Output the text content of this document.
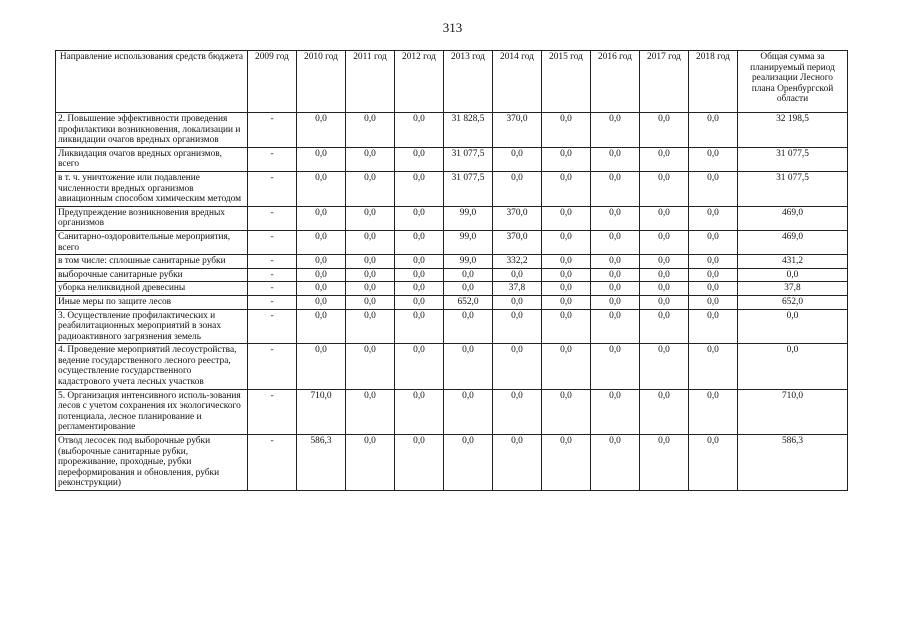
313
Направление использования средств бюджета	2009 год	2010 год	2011 год	2012 год	2013 год	2014 год	2015 год	2016 год	2017 год	2018 год	Общая сумма за планируемый период реализации Лесного плана Оренбургской области
2. Повышение эффективности проведения профилактики возникновения, локализации и ликвидации очагов вредных организмов	-	0,0	0,0	0,0	31 828,5	370,0	0,0	0,0	0,0	0,0	32 198,5
Ликвидация очагов вредных организмов, всего	-	0,0	0,0	0,0	31 077,5	0,0	0,0	0,0	0,0	0,0	31 077,5
в т. ч. уничтожение или подавление численности вредных организмов авиационным способом химическим методом	-	0,0	0,0	0,0	31 077,5	0,0	0,0	0,0	0,0	0,0	31 077,5
Предупреждение возникновения вредных организмов	-	0,0	0,0	0,0	99,0	370,0	0,0	0,0	0,0	0,0	469,0
Санитарно-оздоровительные мероприятия, всего	-	0,0	0,0	0,0	99,0	370,0	0,0	0,0	0,0	0,0	469,0
в том числе: сплошные санитарные рубки	-	0,0	0,0	0,0	99,0	332,2	0,0	0,0	0,0	0,0	431,2
выборочные санитарные рубки	-	0,0	0,0	0,0	0,0	0,0	0,0	0,0	0,0	0,0	0,0
уборка неликвидной древесины	-	0,0	0,0	0,0	0,0	37,8	0,0	0,0	0,0	0,0	37,8
Иные меры по защите лесов	-	0,0	0,0	0,0	652,0	0,0	0,0	0,0	0,0	0,0	652,0
3. Осуществление профилактических и реабилитационных мероприятий в зонах радиоактивного загрязнения земель	-	0,0	0,0	0,0	0,0	0,0	0,0	0,0	0,0	0,0	0,0
4. Проведение мероприятий лесоустройства, ведение государственного лесного реестра, осуществление государственного кадастрового учета лесных участков	-	0,0	0,0	0,0	0,0	0,0	0,0	0,0	0,0	0,0	0,0
5. Организация интенсивного исполь-зования лесов с учетом сохранения их экологического потенциала, лесное планирование и регламентирование	-	710,0	0,0	0,0	0,0	0,0	0,0	0,0	0,0	0,0	710,0
Отвод лесосек под выборочные рубки (выборочные санитарные рубки, прореживание, проходные, рубки переформирования и обновления, рубки реконструкции)	-	586,3	0,0	0,0	0,0	0,0	0,0	0,0	0,0	0,0	586,3
